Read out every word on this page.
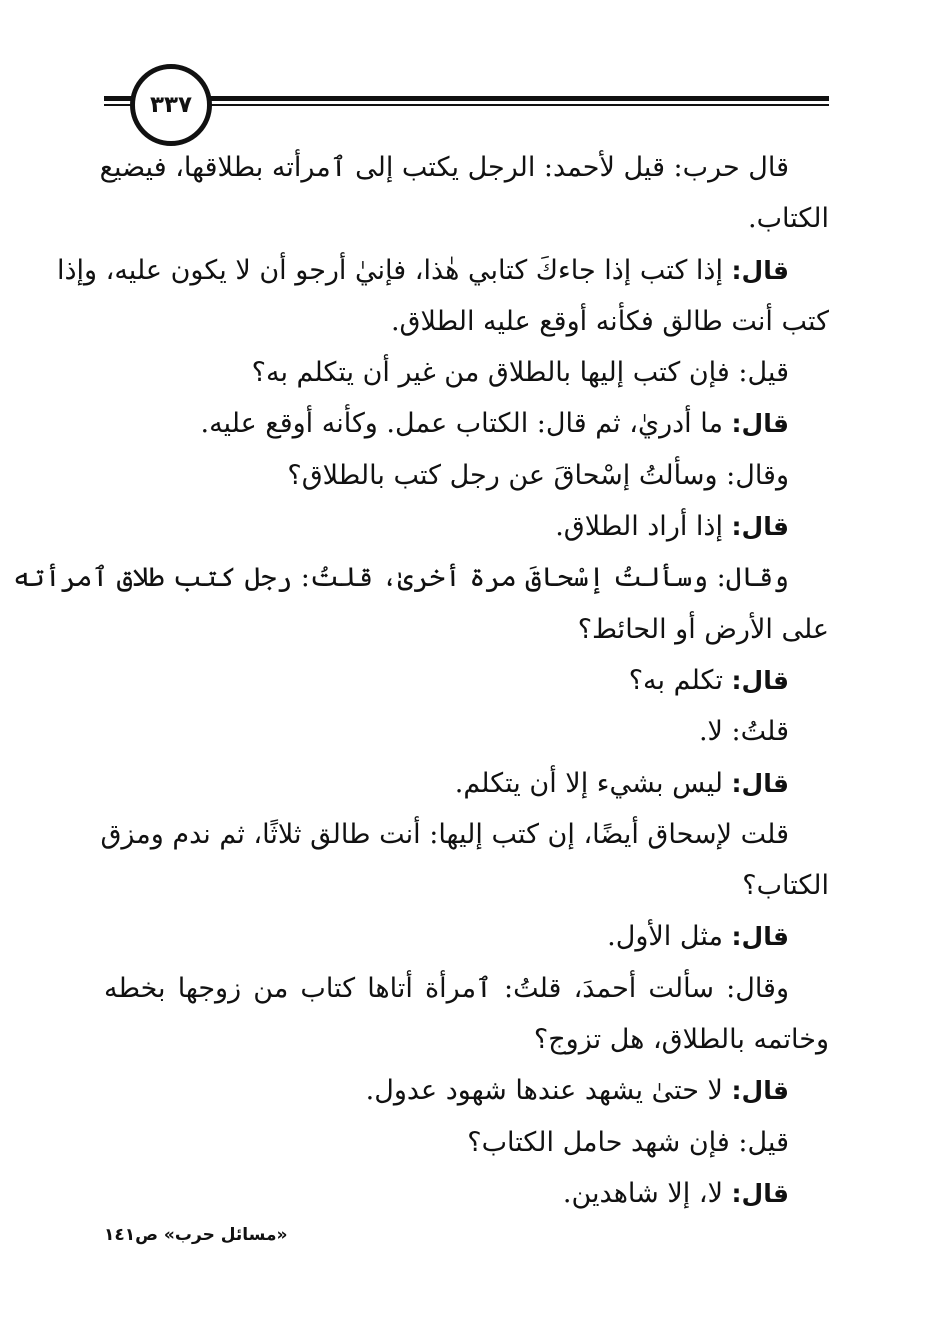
٣٣٧
قال حرب: قيل لأحمد: الرجل يكتب إلى ٱمرأته بطلاقها، فيضيع
الكتاب.
قال: إذا كتب إذا جاءكَ كتابي هٰذا، فإنيٰ أرجو أن لا يكون عليه، وإذا
كتب أنت طالق فكأنه أوقع عليه الطلاق.
قيل: فإن كتب إليها بالطلاق من غير أن يتكلم به؟
قال: ما أدريٰ، ثم قال: الكتاب عمل. وكأنه أوقع عليه.
وقال: وسألتُ إسْحاقَ عن رجل كتب بالطلاق؟
قال: إذا أراد الطلاق.
وقال: وسألتُ إسْحاقَ مرة أخرىٰ، قلتُ: رجل كتب طلاق ٱمرأته
على الأرض أو الحائط؟
قال: تكلم به؟
قلتُ: لا.
قال: ليس بشيء إلا أن يتكلم.
قلت لإسحاق أيضًا، إن كتب إليها: أنت طالق ثلاثًا، ثم ندم ومزق
الكتاب؟
قال: مثل الأول.
وقال: سألت أحمدَ، قلتُ: ٱمرأة أتاها كتاب من زوجها بخطه
وخاتمه بالطلاق، هل تزوج؟
قال: لا حتىٰ يشهد عندها شهود عدول.
قيل: فإن شهد حامل الكتاب؟
قال: لا، إلا شاهدين.
«مسائل حرب» ص١٤١
